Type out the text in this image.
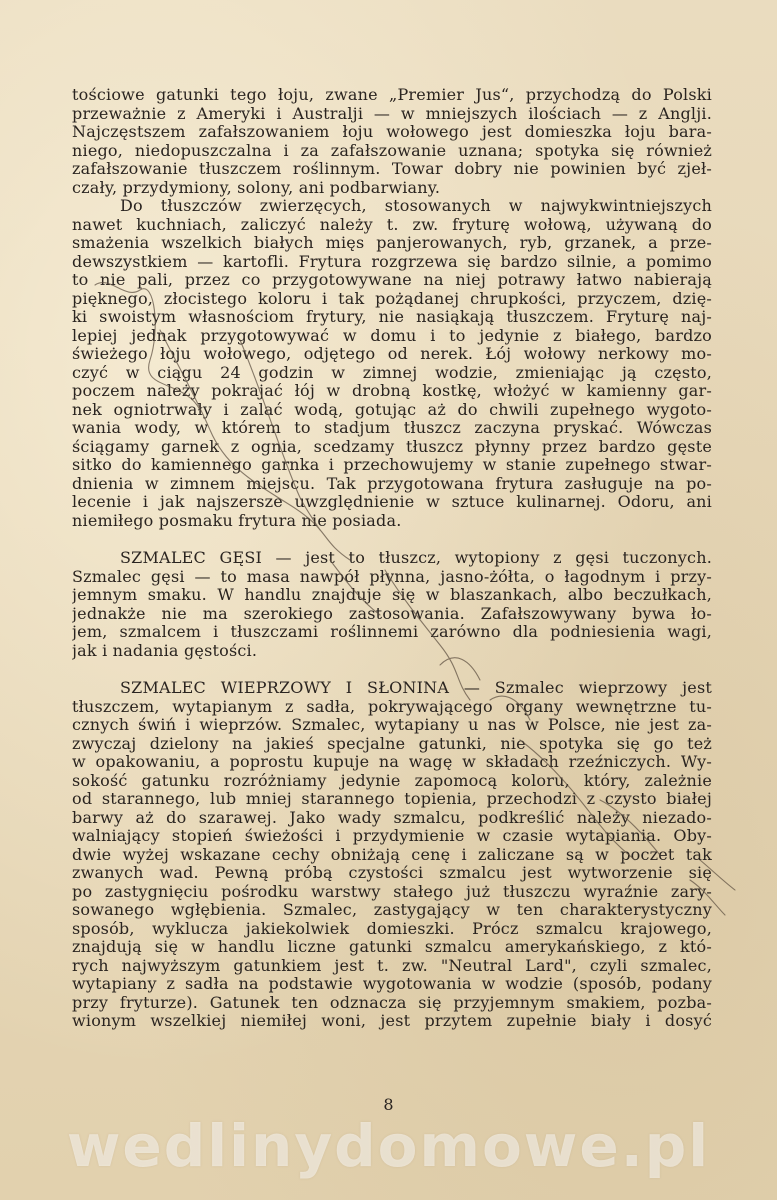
tościowe gatunki tego łoju, zwane „Premier Jus“, przychodzą do Polski
przeważnie z Ameryki i Australji — w mniejszych ilościach — z Anglji.
Najczęstszem zafałszowaniem łoju wołowego jest domieszka łoju bara-
niego, niedopuszczalna i za zafałszowanie uznana; spotyka się również
zafałszowanie tłuszczem roślinnym. Towar dobry nie powinien być zjeł-
czały, przydymiony, solony, ani podbarwiany.
Do tłuszczów zwierzęcych, stosowanych w najwykwintniejszych
nawet kuchniach, zaliczyć należy t. zw. fryturę wołową, używaną do
smażenia wszelkich białych mięs panjerowanych, ryb, grzanek, a prze-
dewszystkiem — kartofli. Frytura rozgrzewa się bardzo silnie, a pomimo
to nie pali, przez co przygotowywane na niej potrawy łatwo nabierają
pięknego, złocistego koloru i tak pożądanej chrupkości, przyczem, dzię-
ki swoistym własnościom frytury, nie nasiąkają tłuszczem. Fryturę naj-
lepiej jednak przygotowywać w domu i to jedynie z białego, bardzo
świeżego łoju wołowego, odjętego od nerek. Łój wołowy nerkowy mo-
czyć w ciągu 24 godzin w zimnej wodzie, zmieniając ją często,
poczem należy pokrajać łój w drobną kostkę, włożyć w kamienny gar-
nek ogniotrwały i zalać wodą, gotując aż do chwili zupełnego wygoto-
wania wody, w którem to stadjum tłuszcz zaczyna pryskać. Wówczas
ściągamy garnek z ognia, scedzamy tłuszcz płynny przez bardzo gęste
sitko do kamiennego garnka i przechowujemy w stanie zupełnego stwar-
dnienia w zimnem miejscu. Tak przygotowana frytura zasługuje na po-
lecenie i jak najszersze uwzględnienie w sztuce kulinarnej. Odoru, ani
niemiłego posmaku frytura nie posiada.
SZMALEC GĘSI — jest to tłuszcz, wytopiony z gęsi tuczonych.
Szmalec gęsi — to masa nawpół płynna, jasno-żółta, o łagodnym i przy-
jemnym smaku. W handlu znajduje się w blaszankach, albo beczułkach,
jednakże nie ma szerokiego zastosowania. Zafałszowywany bywa ło-
jem, szmalcem i tłuszczami roślinnemi zarówno dla podniesienia wagi,
jak i nadania gęstości.
SZMALEC WIEPRZOWY I SŁONINA — Szmalec wieprzowy jest
tłuszczem, wytapianym z sadła, pokrywającego organy wewnętrzne tu-
cznych świń i wieprzów. Szmalec, wytapiany u nas w Polsce, nie jest za-
zwyczaj dzielony na jakieś specjalne gatunki, nie spotyka się go też
w opakowaniu, a poprostu kupuje na wagę w składach rzeźniczych. Wy-
sokość gatunku rozróżniamy jedynie zapomocą koloru, który, zależnie
od starannego, lub mniej starannego topienia, przechodzi z czysto białej
barwy aż do szarawej. Jako wady szmalcu, podkreślić należy niezado-
walniający stopień świeżości i przydymienie w czasie wytapiania. Oby-
dwie wyżej wskazane cechy obniżają cenę i zaliczane są w poczet tak
zwanych wad. Pewną próbą czystości szmalcu jest wytworzenie się
po zastygnięciu pośrodku warstwy stałego już tłuszczu wyraźnie zary-
sowanego wgłębienia. Szmalec, zastygający w ten charakterystyczny
sposób, wyklucza jakiekolwiek domieszki. Prócz szmalcu krajowego,
znajdują się w handlu liczne gatunki szmalcu amerykańskiego, z któ-
rych najwyższym gatunkiem jest t. zw. "Neutral Lard", czyli szmalec,
wytapiany z sadła na podstawie wygotowania w wodzie (sposób, podany
przy fryturze). Gatunek ten odznacza się przyjemnym smakiem, pozba-
wionym wszelkiej niemiłej woni, jest przytem zupełnie biały i dosyć
8
wedlinydomowe.pl
